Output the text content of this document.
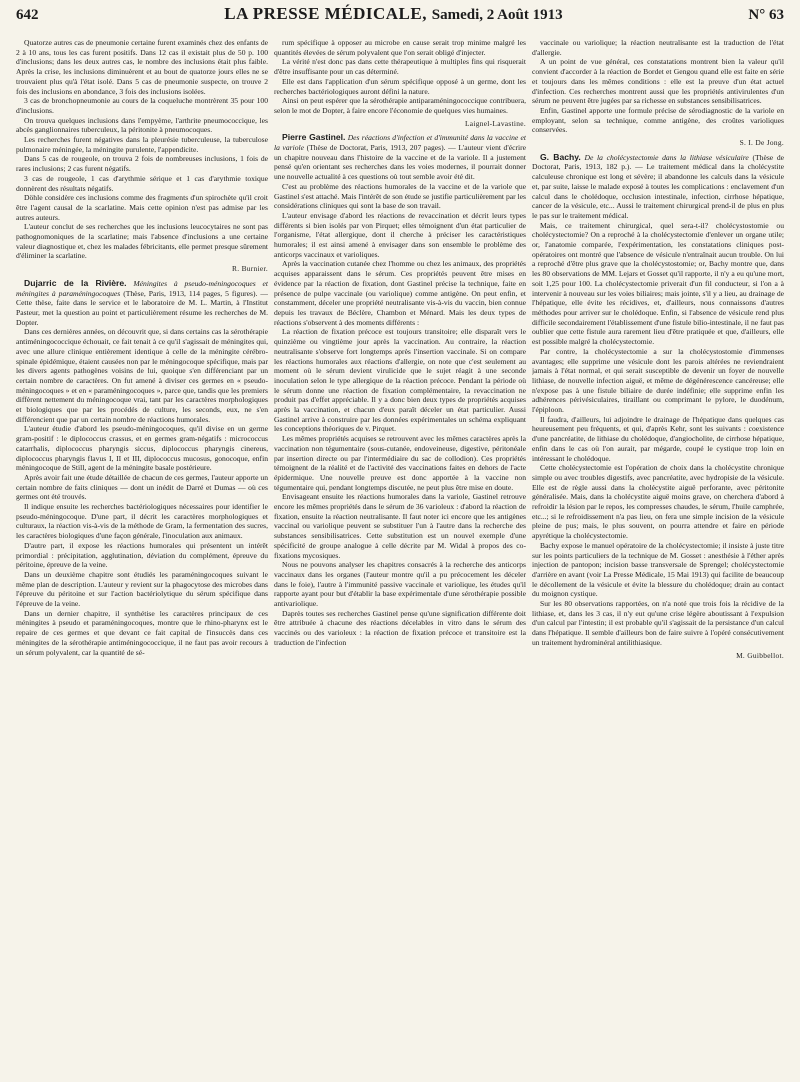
642	LA PRESSE MÉDICALE, Samedi, 2 Août 1913	N° 63

Quatorze autres cas de pneumonie certaine furent examinés chez des enfants de 2 à 10 ans, tous les cas furent positifs. Dans 12 cas il existait plus de 50 p. 100 d'inclusions; dans les deux autres cas, le nombre des inclusions était plus faible. Après la crise, les inclusions diminuèrent et au bout de quatorze jours elles ne se trouvaient plus qu'à l'état isolé. Dans 5 cas de pneumonie suspecte, on trouve 2 fois des inclusions en abondance, 3 fois des inclusions isolées.

3 cas de bronchopneumonie au cours de la coqueluche montrèrent 35 pour 100 d'inclusions.

On trouva quelques inclusions dans l'empyème, l'arthrite pneumococcique, les abcès ganglionnaires tuberculeux, la péritonite à pneumocoques.

Les recherches furent négatives dans la pleurésie tuberculeuse, la tuberculose pulmonaire méningée, la méningite purulente, l'appendicite.

Dans 5 cas de rougeole, on trouva 2 fois de nombreuses inclusions, 1 fois de rares inclusions; 2 cas furent négatifs.

3 cas de rougeole, 1 cas d'arythmie sérique et 1 cas d'arythmie toxique donnèrent des résultats négatifs.

Döhle considère ces inclusions comme des fragments d'un spirochète qu'il croit être l'agent causal de la scarlatine. Mais cette opinion n'est pas admise par les autres auteurs.

L'auteur conclut de ses recherches que les inclusions leucocytaires ne sont pas pathognomoniques de la scarlatine; mais l'absence d'inclusions a une certaine valeur diagnostique et, chez les malades fébricitants, elle permet presque sûrement d'éliminer la scarlatine.

R. Burnier.

Dujarric de la Rivière. Méningites à pseudo-méningocoques et méningites à paraméningocoques (Thèse, Paris, 1913, 114 pages, 5 figures). — Cette thèse, faite dans le service et le laboratoire de M. L. Martin, à l'Institut Pasteur, met la question au point et particulièrement résume les recherches de M. Dopter.

Dans ces dernières années, on découvrit que, si dans certains cas la sérothérapie antiméningococcique échouait, ce fait tenait à ce qu'il s'agissait de méningites qui, avec une allure clinique entièrement identique à celle de la méningite cérébro-spinale épidémique, étaient causées non par le méningocoque spécifique, mais par les divers agents pathogènes voisins de lui, quoique s'en différenciant par un certain nombre de caractères. On fut amené à diviser ces germes en « pseudo-méningocoques » et en « paraméningocoques », parce que, tandis que les premiers diffèrent nettement du méningocoque vrai, tant par les caractères morphologiques et biologiques que par les procédés de culture, les seconds, eux, ne s'en différencient que par un certain nombre de réactions humorales.

L'auteur étudie d'abord les pseudo-méningocoques, qu'il divise en un germe gram-positif : le diplococcus crassus, et en germes gram-négatifs : micrococcus catarrhalis, diplococcus pharyngis siccus, diplococcus pharyngis cinereus, diplococcus pharyngis flavus I, II et III, diplococcus mucosus, gonocoque, enfin méningocoque de Still, agent de la méningite basale postérieure.

Après avoir fait une étude détaillée de chacun de ces germes, l'auteur apporte un certain nombre de faits cliniques — dont un inédit de Darré et Dumas — où ces germes ont été trouvés.

Il indique ensuite les recherches bactériologiques nécessaires pour identifier le pseudo-méningocoque. D'une part, il décrit les caractères morphologiques et culturaux, la réaction vis-à-vis de la méthode de Gram, la fermentation des sucres, les caractères biologiques d'une façon générale, l'inoculation aux animaux.

D'autre part, il expose les réactions humorales qui présentent un intérêt primordial : précipitation, agglutination, déviation du complément, épreuve du péritoine, épreuve de la veine.

Dans un deuxième chapitre sont étudiés les paraméningocoques suivant le même plan de description. L'auteur y revient sur la phagocytose des microbes dans l'épreuve du péritoine et sur l'action bactériolytique du sérum spécifique dans l'épreuve de la veine.

Dans un dernier chapitre, il synthétise les caractères principaux de ces méningites à pseudo et paraméningocoques, montre que le rhino-pharynx est le repaire de ces germes et que devant ce fait capital de l'insuccès dans ces méningites de la sérothérapie antiméningococcique, il ne faut pas avoir recours à un sérum polyvalent, car la quantité de sé-

rum spécifique à opposer au microbe en cause serait trop minime malgré les quantités élevées de sérum polyvalent que l'on serait obligé d'injecter.

La vérité n'est donc pas dans cette thérapeutique à multiples fins qui risquerait d'être insuffisante pour un cas déterminé.

Elle est dans l'application d'un sérum spécifique opposé à un germe, dont les recherches bactériologiques auront défini la nature.

Ainsi on peut espérer que la sérothérapie antiparaméningococcique contribuera, selon le mot de Dopter, à faire encore l'économie de quelques vies humaines.

Laignel-Lavastine.

Pierre Gastinel. Des réactions d'infection et d'immunité dans la vaccine et la variole (Thèse de Doctorat, Paris, 1913, 207 pages). — L'auteur vient d'écrire un chapitre nouveau dans l'histoire de la vaccine et de la variole. Il a justement pensé qu'en orientant ses recherches dans les voies modernes, il pourrait donner une nouvelle actualité à ces questions où tout semble avoir été dit.

C'est au problème des réactions humorales de la vaccine et de la variole que Gastinel s'est attaché. Mais l'intérêt de son étude se justifie particulièrement par les considérations cliniques qui sont la base de son travail.

L'auteur envisage d'abord les réactions de revaccination et décrit leurs types différents si bien isolés par von Pirquet; elles témoignent d'un état particulier de l'organisme, l'état allergique, dont il cherche à préciser les caractéristiques humorales; il est ainsi amené à envisager dans son ensemble le problème des anticorps vaccinaux et varioliques.

Après la vaccination cutanée chez l'homme ou chez les animaux, des propriétés acquises apparaissent dans le sérum. Ces propriétés peuvent être mises en évidence par la réaction de fixation, dont Gastinel précise la technique, faite en présence de pulpe vaccinale (ou variolique) comme antigène. On peut enfin, et constamment, déceler une propriété neutralisante vis-à-vis du vaccin, bien connue depuis les travaux de Béclère, Chambon et Ménard. Mais les deux types de réactions s'observent à des moments différents :

La réaction de fixation précoce est toujours transitoire; elle disparaît vers le quinzième ou vingtième jour après la vaccination. Au contraire, la réaction neutralisante s'observe fort longtemps après l'insertion vaccinale. Si on compare les réactions humorales aux réactions d'allergie, on note que c'est seulement au moment où le sérum devient virulicide que le sujet réagit à une seconde inoculation selon le type allergique de la réaction précoce. Pendant la période où le sérum donne une réaction de fixation complémentaire, la revaccination ne produit pas d'effet appréciable. Il y a donc bien deux types de propriétés acquises après la vaccination, et chacun d'eux paraît déceler un état particulier. Aussi Gastinel arrive à construire par les données expérimentales un schéma expliquant les conceptions théoriques de v. Pirquet.

Les mêmes propriétés acquises se retrouvent avec les mêmes caractères après la vaccination non tégumentaire (sous-cutanée, endoveineuse, digestive, péritonéale par insertion directe ou par l'intermédiaire du sac de collodion). Ces propriétés témoignent de la réalité et de l'activité des vaccinations faites en dehors de l'acte épidermique. Une nouvelle preuve est donc apportée à la vaccine non tégumentaire qui, pendant longtemps discutée, ne peut plus être mise en doute.

Envisageant ensuite les réactions humorales dans la variole, Gastinel retrouve encore les mêmes propriétés dans le sérum de 36 varioleux : d'abord la réaction de fixation, ensuite la réaction neutralisante. Il faut noter ici encore que les antigènes vaccinal ou variolique peuvent se substituer l'un à l'autre dans la recherche des substances sensibilisatrices. Cette substitution est un nouvel exemple d'une spécificité de groupe analogue à celle décrite par M. Widal à propos des co-fixations mycosiques.

Nous ne pouvons analyser les chapitres consacrés à la recherche des anticorps vaccinaux dans les organes (l'auteur montre qu'il a pu précocement les déceler dans le foie), l'autre à l'immunité passive vaccinale et variolique, les études qu'il rapporte ayant pour but d'établir la base expérimentale d'une sérothérapie possible antivariolique.

Daprès toutes ses recherches Gastinel pense qu'une signification différente doit être attribuée à chacune des réactions décelables in vitro dans le sérum des vaccinés ou des varioleux : la réaction de fixation précoce et transitoire est la traduction de l'infection

vaccinale ou variolique; la réaction neutralisante est la traduction de l'état d'allergie.

A un point de vue général, ces constatations montrent bien la valeur qu'il convient d'accorder à la réaction de Bordet et Gengou quand elle est faite en série et toujours dans les mêmes conditions : elle est la preuve d'un état actuel d'infection. Ces recherches montrent aussi que les propriétés antivirulentes d'un sérum ne peuvent être jugées par sa richesse en substances sensibilisatrices.

Enfin, Gastinel apporte une formule précise de sérodiagnostic de la variole en employant, selon sa technique, comme antigène, des croûtes varioliques conservées.

S. I. De Jong.

G. Bachy. De la cholécystectomie dans la lithiase vésiculaire (Thèse de Doctorat, Paris, 1913, 182 p.). — Le traitement médical dans la cholécystite calculeuse chronique est long et sévère; il abandonne les calculs dans la vésicule et, par suite, laisse le malade exposé à toutes les complications : enclavement d'un calcul dans le cholédoque, occlusion intestinale, infection, cirrhose hépatique, cancer de la vésicule, etc... Aussi le traitement chirurgical prend-il de plus en plus le pas sur le traitement médical.

Mais, ce traitement chirurgical, quel sera-t-il? cholécystostomie ou cholécystectomie? On a reproché à la cholécystectomie d'enlever un organe utile; or, l'anatomie comparée, l'expérimentation, les constatations cliniques post-opératoires ont montré que l'absence de vésicule n'entraînait aucun trouble. On lui a reproché d'être plus grave que la cholécystostomie; or, Bachy montre que, dans les 80 observations de MM. Lejars et Gosset qu'il rapporte, il n'y a eu qu'une mort, soit 1,25 pour 100. La cholécystectomie priverait d'un fil conducteur, si l'on a à intervenir à nouveau sur les voies biliaires; mais jointe, s'il y a lieu, au drainage de l'hépatique, elle évite les récidives, et, d'ailleurs, nous connaissons d'autres méthodes pour arriver sur le cholédoque. Enfin, si l'absence de vésicule rend plus difficile secondairement l'établissement d'une fistule bilio-intestinale, il ne faut pas oublier que cette fistule aura rarement lieu d'être pratiquée et que, d'ailleurs, elle est possible malgré la cholécystectomie.

Par contre, la cholécystectomie a sur la cholécystostomie d'immenses avantages; elle supprime une vésicule dont les parois altérées ne reviendraient jamais à l'état normal, et qui serait susceptible de devenir un foyer de nouvelle lithiase, de nouvelle infection aiguë, et même de dégénérescence cancéreuse; elle n'expose pas à une fistule biliaire de durée indéfinie; elle supprime enfin les adhérences périvésiculaires, tiraillant ou comprimant le pylore, le duodénum, l'épiploon.

Il faudra, d'ailleurs, lui adjoindre le drainage de l'hépatique dans quelques cas heureusement peu fréquents, et qui, d'après Kehr, sont les suivants : coexistence d'une pancréatite, de lithiase du cholédoque, d'angiocholite, de cirrhose hépatique, enfin dans le cas où l'on aurait, par mégarde, coupé le cystique trop loin en intéressant le cholédoque.

Cette cholécystectomie est l'opération de choix dans la cholécystite chronique simple ou avec troubles digestifs, avec pancréatite, avec hydropisie de la vésicule. Elle est de règle aussi dans la cholécystite aiguë perforante, avec péritonite généralisée. Mais, dans la cholécystite aiguë moins grave, on cherchera d'abord à refroidir la lésion par le repos, les compresses chaudes, le sérum, l'huile camphrée, etc...; si le refroidissement n'a pas lieu, on fera une simple incision de la vésicule pleine de pus; mais, le plus souvent, on pourra attendre et faire en période apyrétique la cholécystectomie.

Bachy expose le manuel opératoire de la cholécystectomie; il insiste à juste titre sur les points particuliers de la technique de M. Gosset : anesthésie à l'éther après injection de pantopon; incision basse transversale de Sprengel; cholécystectomie d'arrière en avant (voir La Presse Médicale, 15 Mai 1913) qui facilite de beaucoup le décollement de la vésicule et évite la blessure du cholédoque; drain au contact du moignon cystique.

Sur les 80 observations rapportées, on n'a noté que trois fois la récidive de la lithiase, et, dans les 3 cas, il n'y eut qu'une crise légère aboutissant à l'expulsion d'un calcul par l'intestin; il est probable qu'il s'agissait de la persistance d'un calcul dans l'hépatique. Il semble d'ailleurs bon de faire suivre à l'opéré consécutivement un traitement hydrominéral antilithiasique.

M. Guibbellot.
